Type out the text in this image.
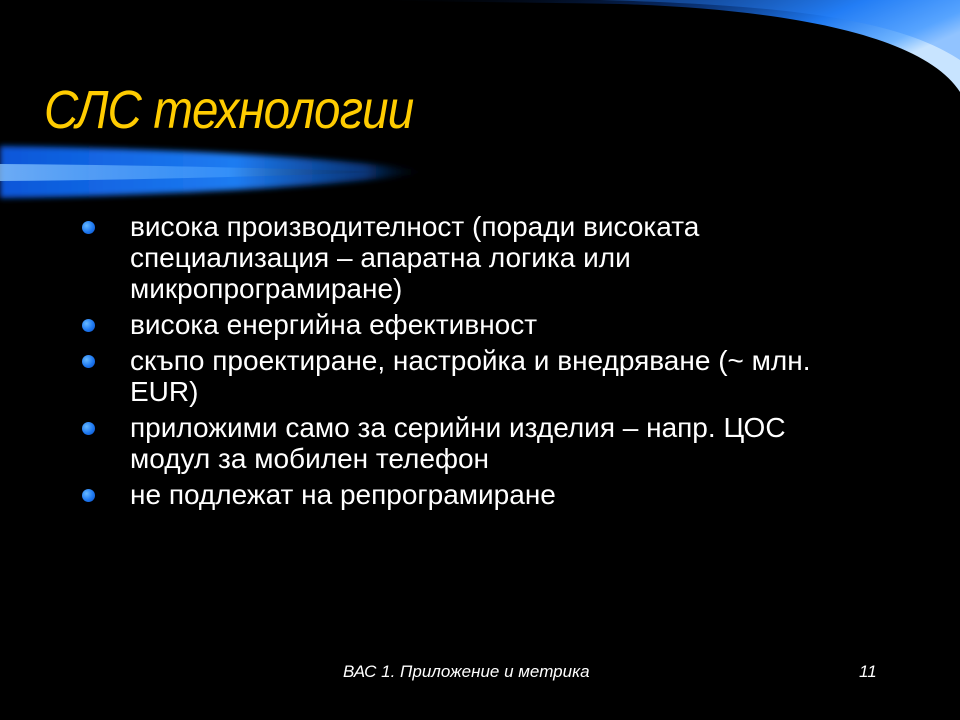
СЛС технологии
висока производителност (поради високата специализация – апаратна логика или микропрограмиране)
висока енергийна ефективност
скъпо проектиране, настройка и внедряване (~ млн. EUR)
приложими само за серийни изделия – напр. ЦОС модул за мобилен телефон
не подлежат на репрограмиране
ВАС 1. Приложение и метрика	11
